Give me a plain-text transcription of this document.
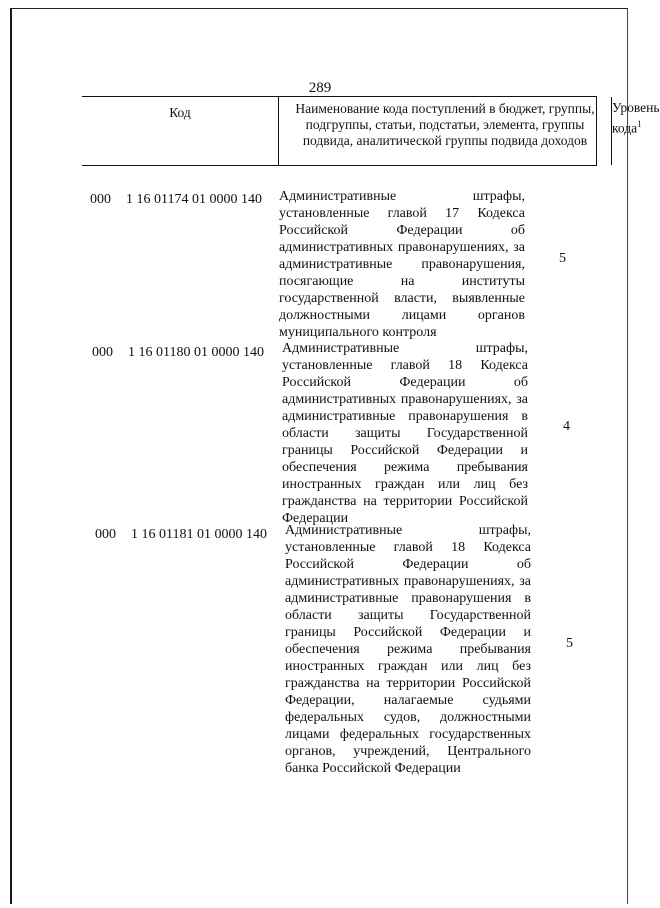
289
Код	Наименование кода поступлений в бюджет, группы, подгруппы, статьи, подстатьи, элемента, группы подвида, аналитической группы подвида доходов
Уровень кода$^1$
000 1 16 01174 01 0000 140 Административные штрафы, установленные главой 17 Кодекса Российской Федерации об административных правонарушениях, за административные правонарушения, посягающие на институты государственной власти, выявленные должностными лицами органов муниципального контроля
5
000 1 16 01180 01 0000 140 Административные штрафы, установленные главой 18 Кодекса Российской Федерации об административных правонарушениях, за административные правонарушения в области защиты Государственной границы Российской Федерации и обеспечения режима пребывания иностранных граждан или лиц без гражданства на территории Российской Федерации
4
000 1 16 01181 01 0000 140 Административные штрафы, установленные главой 18 Кодекса Российской Федерации об административных правонарушениях, за административные правонарушения в области защиты Государственной границы Российской Федерации и обеспечения режима пребывания иностранных граждан или лиц без гражданства на территории Российской Федерации, налагаемые судьями федеральных судов, должностными лицами федеральных государственных органов, учреждений, Центрального банка Российской Федерации
5
